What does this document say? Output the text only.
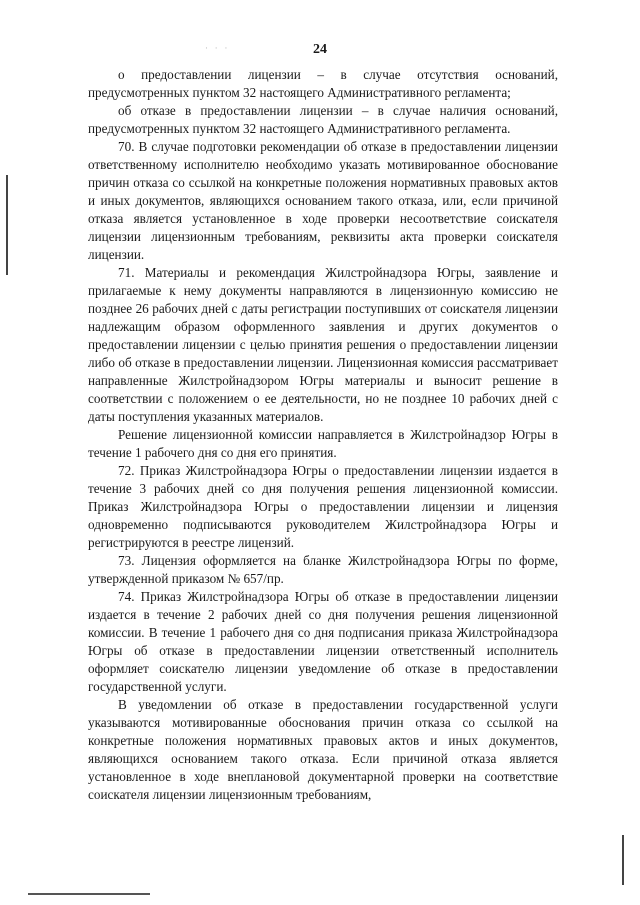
· · ·	24

о предоставлении лицензии – в случае отсутствия оснований, предусмотренных пунктом 32 настоящего Административного регламента;

об отказе в предоставлении лицензии – в случае наличия оснований, предусмотренных пунктом 32 настоящего Административного регламента.

70. В случае подготовки рекомендации об отказе в предоставлении лицензии ответственному исполнителю необходимо указать мотивированное обоснование причин отказа со ссылкой на конкретные положения нормативных правовых актов и иных документов, являющихся основанием такого отказа, или, если причиной отказа является установленное в ходе проверки несоответствие соискателя лицензии лицензионным требованиям, реквизиты акта проверки соискателя лицензии.

71. Материалы и рекомендация Жилстройнадзора Югры, заявление и прилагаемые к нему документы направляются в лицензионную комиссию не позднее 26 рабочих дней с даты регистрации поступивших от соискателя лицензии надлежащим образом оформленного заявления и других документов о предоставлении лицензии с целью принятия решения о предоставлении лицензии либо об отказе в предоставлении лицензии. Лицензионная комиссия рассматривает направленные Жилстройнадзором Югры материалы и выносит решение в соответствии с положением о ее деятельности, но не позднее 10 рабочих дней с даты поступления указанных материалов.

Решение лицензионной комиссии направляется в Жилстройнадзор Югры в течение 1 рабочего дня со дня его принятия.

72. Приказ Жилстройнадзора Югры о предоставлении лицензии издается в течение 3 рабочих дней со дня получения решения лицензионной комиссии. Приказ Жилстройнадзора Югры о предоставлении лицензии и лицензия одновременно подписываются руководителем Жилстройнадзора Югры и регистрируются в реестре лицензий.

73. Лицензия оформляется на бланке Жилстройнадзора Югры по форме, утвержденной приказом № 657/пр.

74. Приказ Жилстройнадзора Югры об отказе в предоставлении лицензии издается в течение 2 рабочих дней со дня получения решения лицензионной комиссии. В течение 1 рабочего дня со дня подписания приказа Жилстройнадзора Югры об отказе в предоставлении лицензии ответственный исполнитель оформляет соискателю лицензии уведомление об отказе в предоставлении государственной услуги.

В уведомлении об отказе в предоставлении государственной услуги указываются мотивированные обоснования причин отказа со ссылкой на конкретные положения нормативных правовых актов и иных документов, являющихся основанием такого отказа. Если причиной отказа является установленное в ходе внеплановой документарной проверки на соответствие соискателя лицензии лицензионным требованиям,
